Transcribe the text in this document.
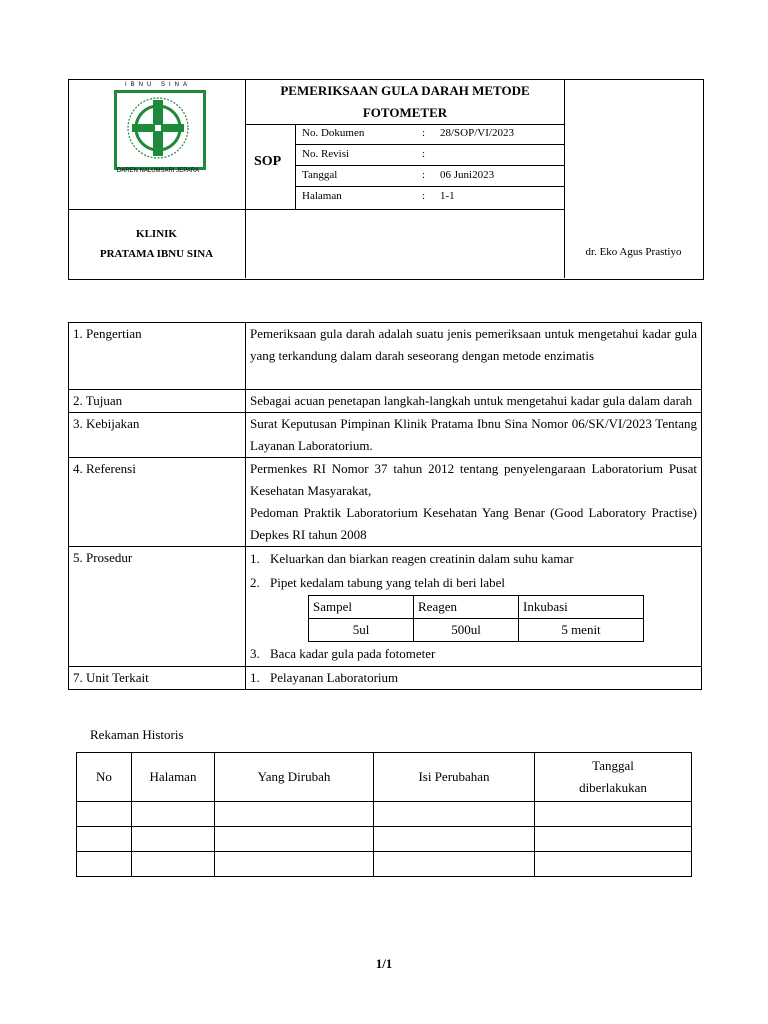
IBNU SINA
DAREN NALUMSARI JEPARA
PEMERIKSAAN GULA DARAH METODE
FOTOMETER
SOP
No. Dokumen	: 28/SOP/VI/2023
No. Revisi	:
Tanggal	: 06 Juni2023
Halaman	: 1-1
KLINIK
PRATAMA IBNU SINA	dr. Eko Agus Prastiyo
1. Pengertian	Pemeriksaan gula darah adalah suatu jenis pemeriksaan untuk mengetahui kadar gula yang terkandung dalam darah seseorang dengan metode enzimatis
2. Tujuan	Sebagai acuan penetapan langkah-langkah untuk mengetahui kadar gula dalam darah
3. Kebijakan	Surat Keputusan Pimpinan Klinik Pratama Ibnu Sina Nomor 06/SK/VI/2023 Tentang Layanan Laboratorium.
4. Referensi	Permenkes RI Nomor 37 tahun 2012 tentang penyelengaraan Laboratorium Pusat Kesehatan Masyarakat,
Pedoman Praktik Laboratorium Kesehatan Yang Benar (Good Laboratory Practise) Depkes RI tahun 2008

5. Prosedur	1. Keluarkan dan biarkan reagen creatinin dalam suhu kamar
2. Pipet kedalam tabung yang telah di beri label
Sampel	Reagen	Inkubasi
5ul	500ul	5 menit
3. Baca kadar gula pada fotometer

7. Unit Terkait	1. Pelayanan Laboratorium
Rekaman Historis
No	Halaman	Yang Dirubah	Isi Perubahan	Tanggal diberlakukan

1/1
